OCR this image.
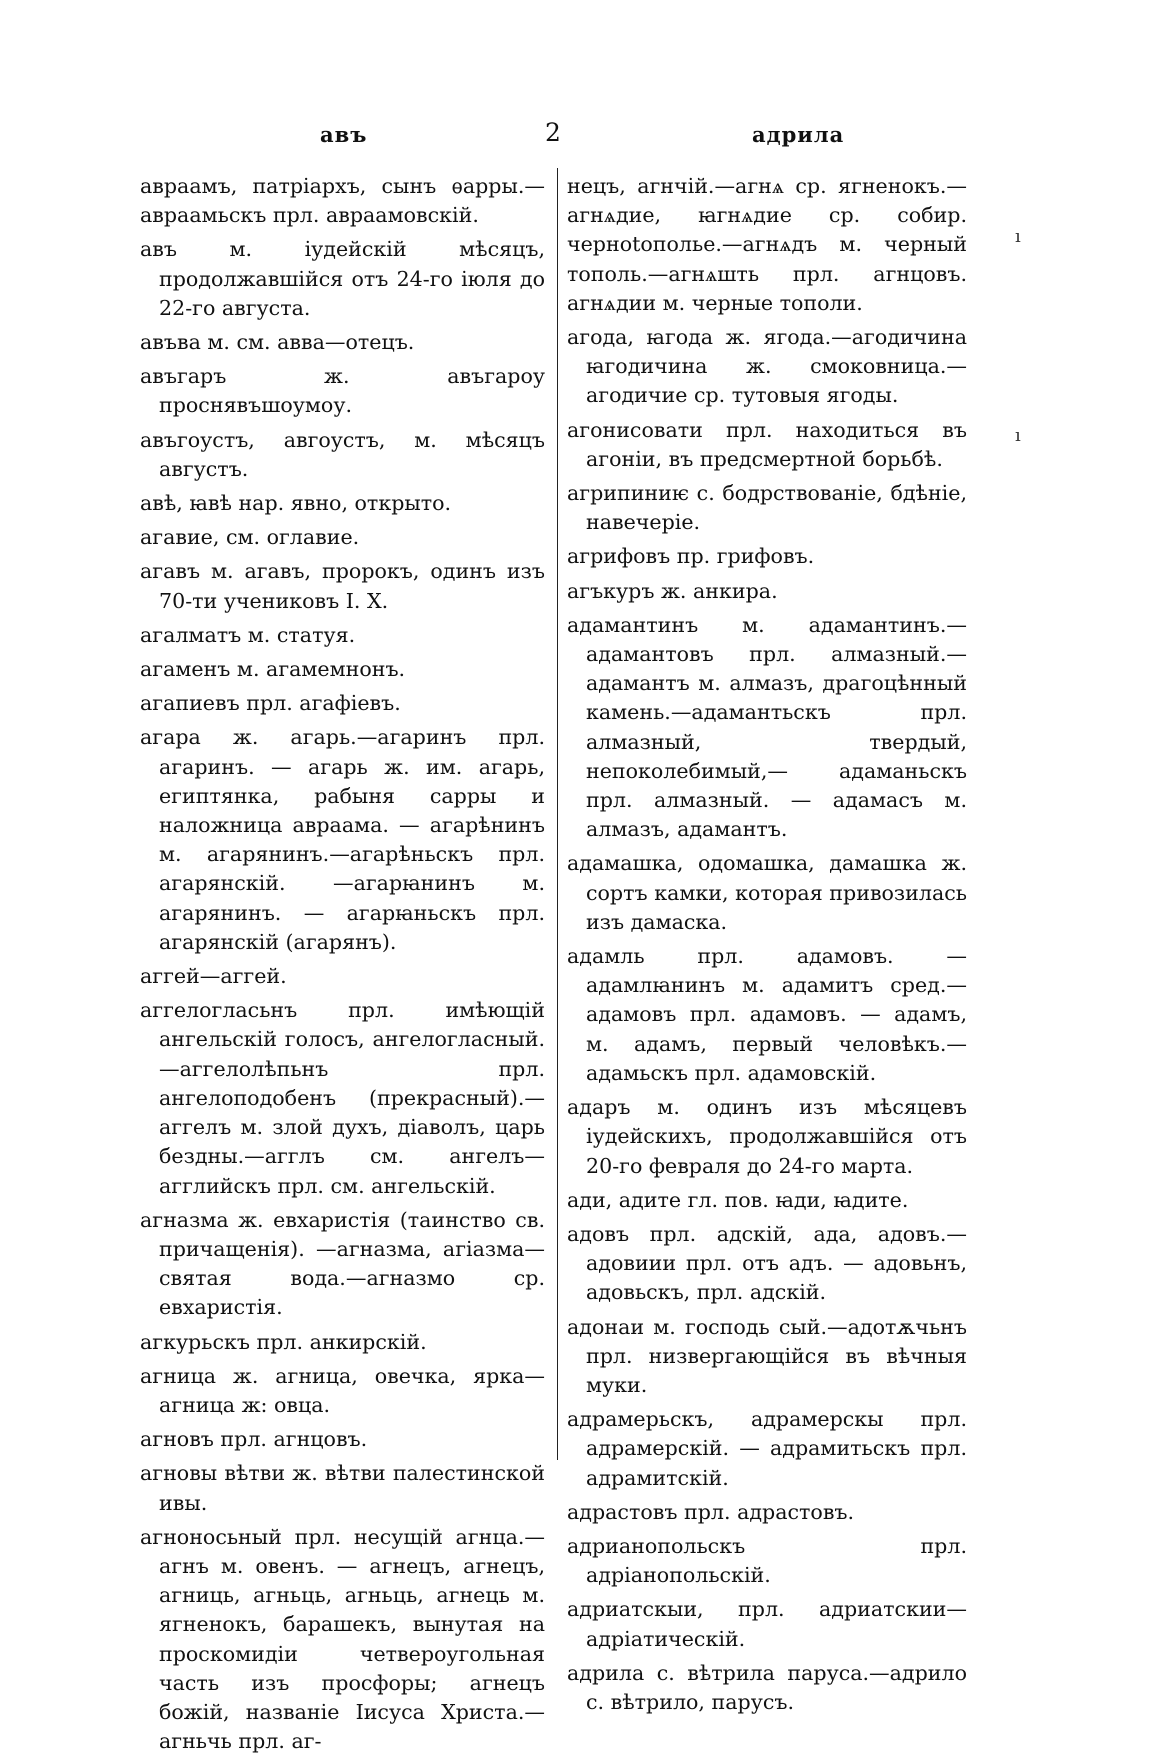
авъ	2	адрила

авраамъ, патріархъ, сынъ ѳарры.—авраамьскъ прл. авраамовскій.

авъ м. іудейскій мѣсяцъ, продолжавшійся отъ 24-го іюля до 22-го августа.

авъва м. см. авва—отецъ.

авъгаръ ж. авъгароу проснявъшоумоу.

авъгоустъ, авгоустъ, м. мѣсяцъ августъ.

авѣ, ꙗвѣ нар. явно, открыто.

агавие, см. оглавие.

агавъ м. агавъ, пророкъ, одинъ изъ 70-ти учениковъ І. Х.

агалматъ м. статуя.

агаменъ м. агамемнонъ.

агапиевъ прл. агафіевъ.

агара ж. агарь.—агаринъ прл. агаринъ. — агарь ж. им. агарь, египтянка, рабыня сарры и наложница авраама. — агарѣнинъ м. агарянинъ.—агарѣньскъ прл. агарянскій. —агарꙗнинъ м. агарянинъ. — агарꙗньскъ прл. агарянскій (агарянъ).

аггей—аггей.

аггелогласьнъ прл. имѣющій ангельскій голосъ, ангелогласный.—аггелолѣпьнъ прл. ангелоподобенъ (прекрасный).—аггелъ м. злой духъ, діаволъ, царь бездны.—агглъ см. ангелъ—агглийскъ прл. см. ангельскій.

агназма ж. евхаристія (таинство св. причащенія). —агназма, агіазма— святая вода.—агназмо ср. евхаристія.

агкурьскъ прл. анкирскій.

агница ж. агница, овечка, ярка— агница ж: овца.

агновъ прл. агнцовъ.

агновы вѣтви ж. вѣтви палестинской ивы.

агноносьный прл. несущій агнца.— агнъ м. овенъ. — агнецъ, агнецъ, агниць, агньць, агньць, агнець м. ягненокъ, барашекъ, вынутая на проскомидіи четвероугольная часть изъ просфоры; агнецъ божій, названіе Іисуса Христа.—агньчь прл. аг-

нецъ, агнчій.—агнѧ ср. ягненокъ.— агнѧдие, ꙗгнѧдие ср. собир. черноtополье.—агнѧдъ м. черный тополь.—агнѧшть прл. агнцовъ. агнѧдии м. черные тополи.

агода, ꙗгода ж. ягода.—агодичина ꙗгодичина ж. смоковница.—агодичие ср. тутовыя ягоды.

агонисовати прл. находиться въ агоніи, въ предсмертной борьбѣ.

агрипиниѥ с. бодрствованіе, бдѣніе, навечеріе.

агрифовъ пр. грифовъ.

агъкуръ ж. анкира.

адамантинъ м. адамантинъ.—адамантовъ прл. алмазный.—адамантъ м. алмазъ, драгоцѣнный камень.—адамантьскъ прл. алмазный, твердый, непоколебимый,— адаманьскъ прл. алмазный. — адамасъ м. алмазъ, адамантъ.

адамашка, одомашка, дамашка ж. сортъ камки, которая привозилась изъ дамаска.

адамль прл. адамовъ. — адамлꙗнинъ м. адамитъ сред.— адамовъ прл. адамовъ. — адамъ, м. адамъ, первый человѣкъ.—адамьскъ прл. адамовскій.

адаръ м. одинъ изъ мѣсяцевъ іудейскихъ, продолжавшійся отъ 20-го февраля до 24-го марта.

ади, адите гл. пов. ꙗди, ꙗдите.

адовъ прл. адскій, ада, адовъ.—адовиии прл. отъ адъ. — адовьнъ, адовьскъ, прл. адскій.

адонаи м. господь сый.—адотѫчьнъ прл. низвергающійся въ вѣчныя муки.

адрамерьскъ, адрамерскы прл. адрамерскій. — адрамитьскъ прл. адрамитскій.

адрастовъ прл. адрастовъ.

адрианопольскъ прл. адріанопольскій.

адриатскыи, прл. адриатскии—адріатическій.

адрила с. вѣтрила паруса.—адрило с. вѣтрило, парусъ.

ı
ı
